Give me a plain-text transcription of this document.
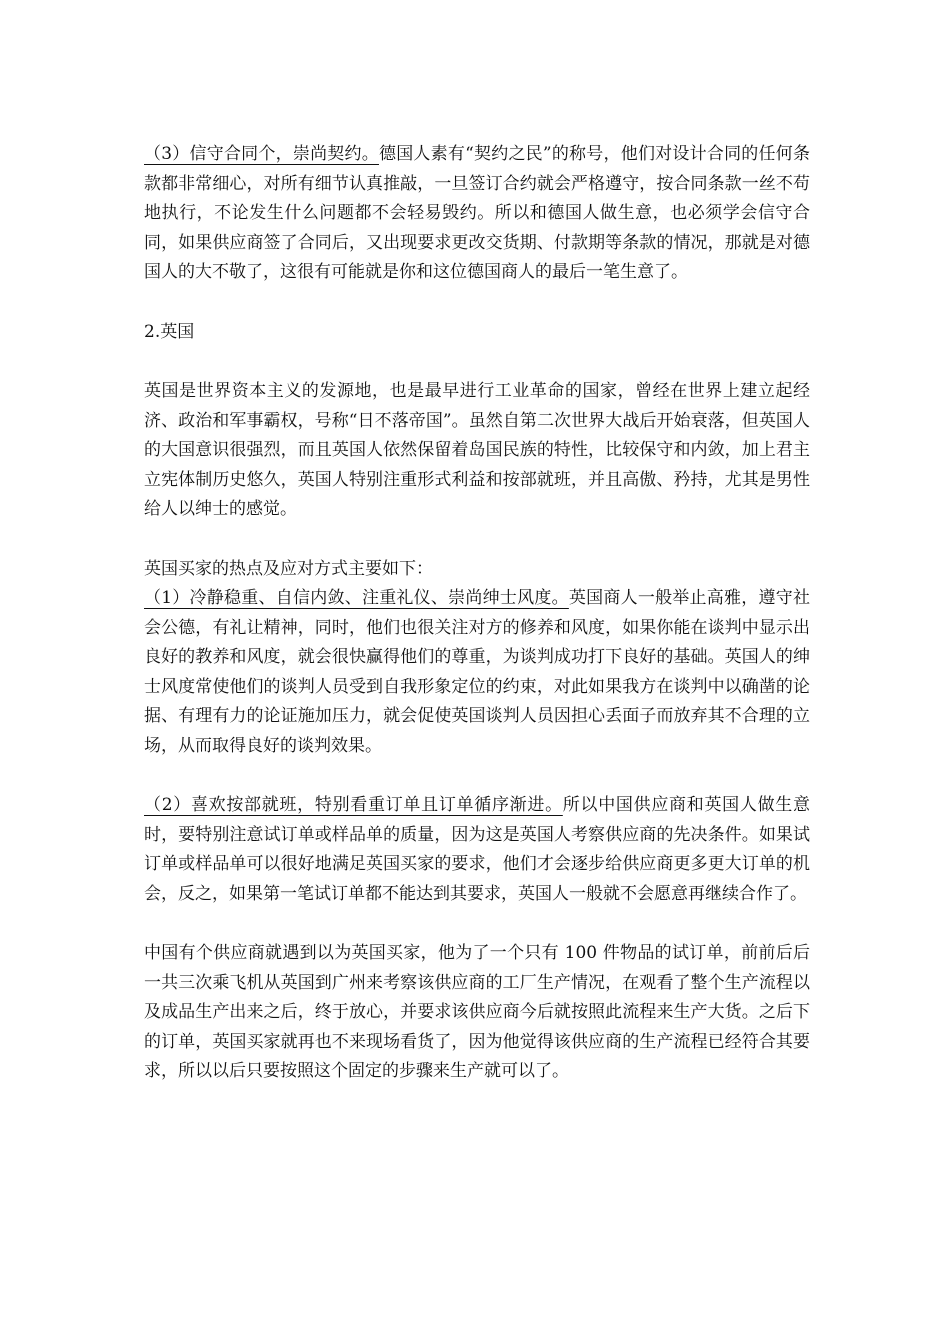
（3）信守合同个，崇尚契约。德国人素有“契约之民”的称号，他们对设计合同的任何条款都非常细心，对所有细节认真推敲，一旦签订合约就会严格遵守，按合同条款一丝不苟地执行，不论发生什么问题都不会轻易毁约。所以和德国人做生意，也必须学会信守合同，如果供应商签了合同后，又出现要求更改交货期、付款期等条款的情况，那就是对德国人的大不敬了，这很有可能就是你和这位德国商人的最后一笔生意了。

2.英国

英国是世界资本主义的发源地，也是最早进行工业革命的国家，曾经在世界上建立起经济、政治和军事霸权，号称“日不落帝国”。虽然自第二次世界大战后开始衰落，但英国人的大国意识很强烈，而且英国人依然保留着岛国民族的特性，比较保守和内敛，加上君主立宪体制历史悠久，英国人特别注重形式利益和按部就班，并且高傲、矜持，尤其是男性给人以绅士的感觉。

英国买家的热点及应对方式主要如下：

（1）冷静稳重、自信内敛、注重礼仪、崇尚绅士风度。英国商人一般举止高雅，遵守社会公德，有礼让精神，同时，他们也很关注对方的修养和风度，如果你能在谈判中显示出良好的教养和风度，就会很快赢得他们的尊重，为谈判成功打下良好的基础。英国人的绅士风度常使他们的谈判人员受到自我形象定位的约束，对此如果我方在谈判中以确凿的论据、有理有力的论证施加压力，就会促使英国谈判人员因担心丢面子而放弃其不合理的立场，从而取得良好的谈判效果。

（2）喜欢按部就班，特别看重订单且订单循序渐进。所以中国供应商和英国人做生意时，要特别注意试订单或样品单的质量，因为这是英国人考察供应商的先决条件。如果试订单或样品单可以很好地满足英国买家的要求，他们才会逐步给供应商更多更大订单的机会，反之，如果第一笔试订单都不能达到其要求，英国人一般就不会愿意再继续合作了。

中国有个供应商就遇到以为英国买家，他为了一个只有 100 件物品的试订单，前前后后一共三次乘飞机从英国到广州来考察该供应商的工厂生产情况，在观看了整个生产流程以及成品生产出来之后，终于放心，并要求该供应商今后就按照此流程来生产大货。之后下的订单，英国买家就再也不来现场看货了，因为他觉得该供应商的生产流程已经符合其要求，所以以后只要按照这个固定的步骤来生产就可以了。
